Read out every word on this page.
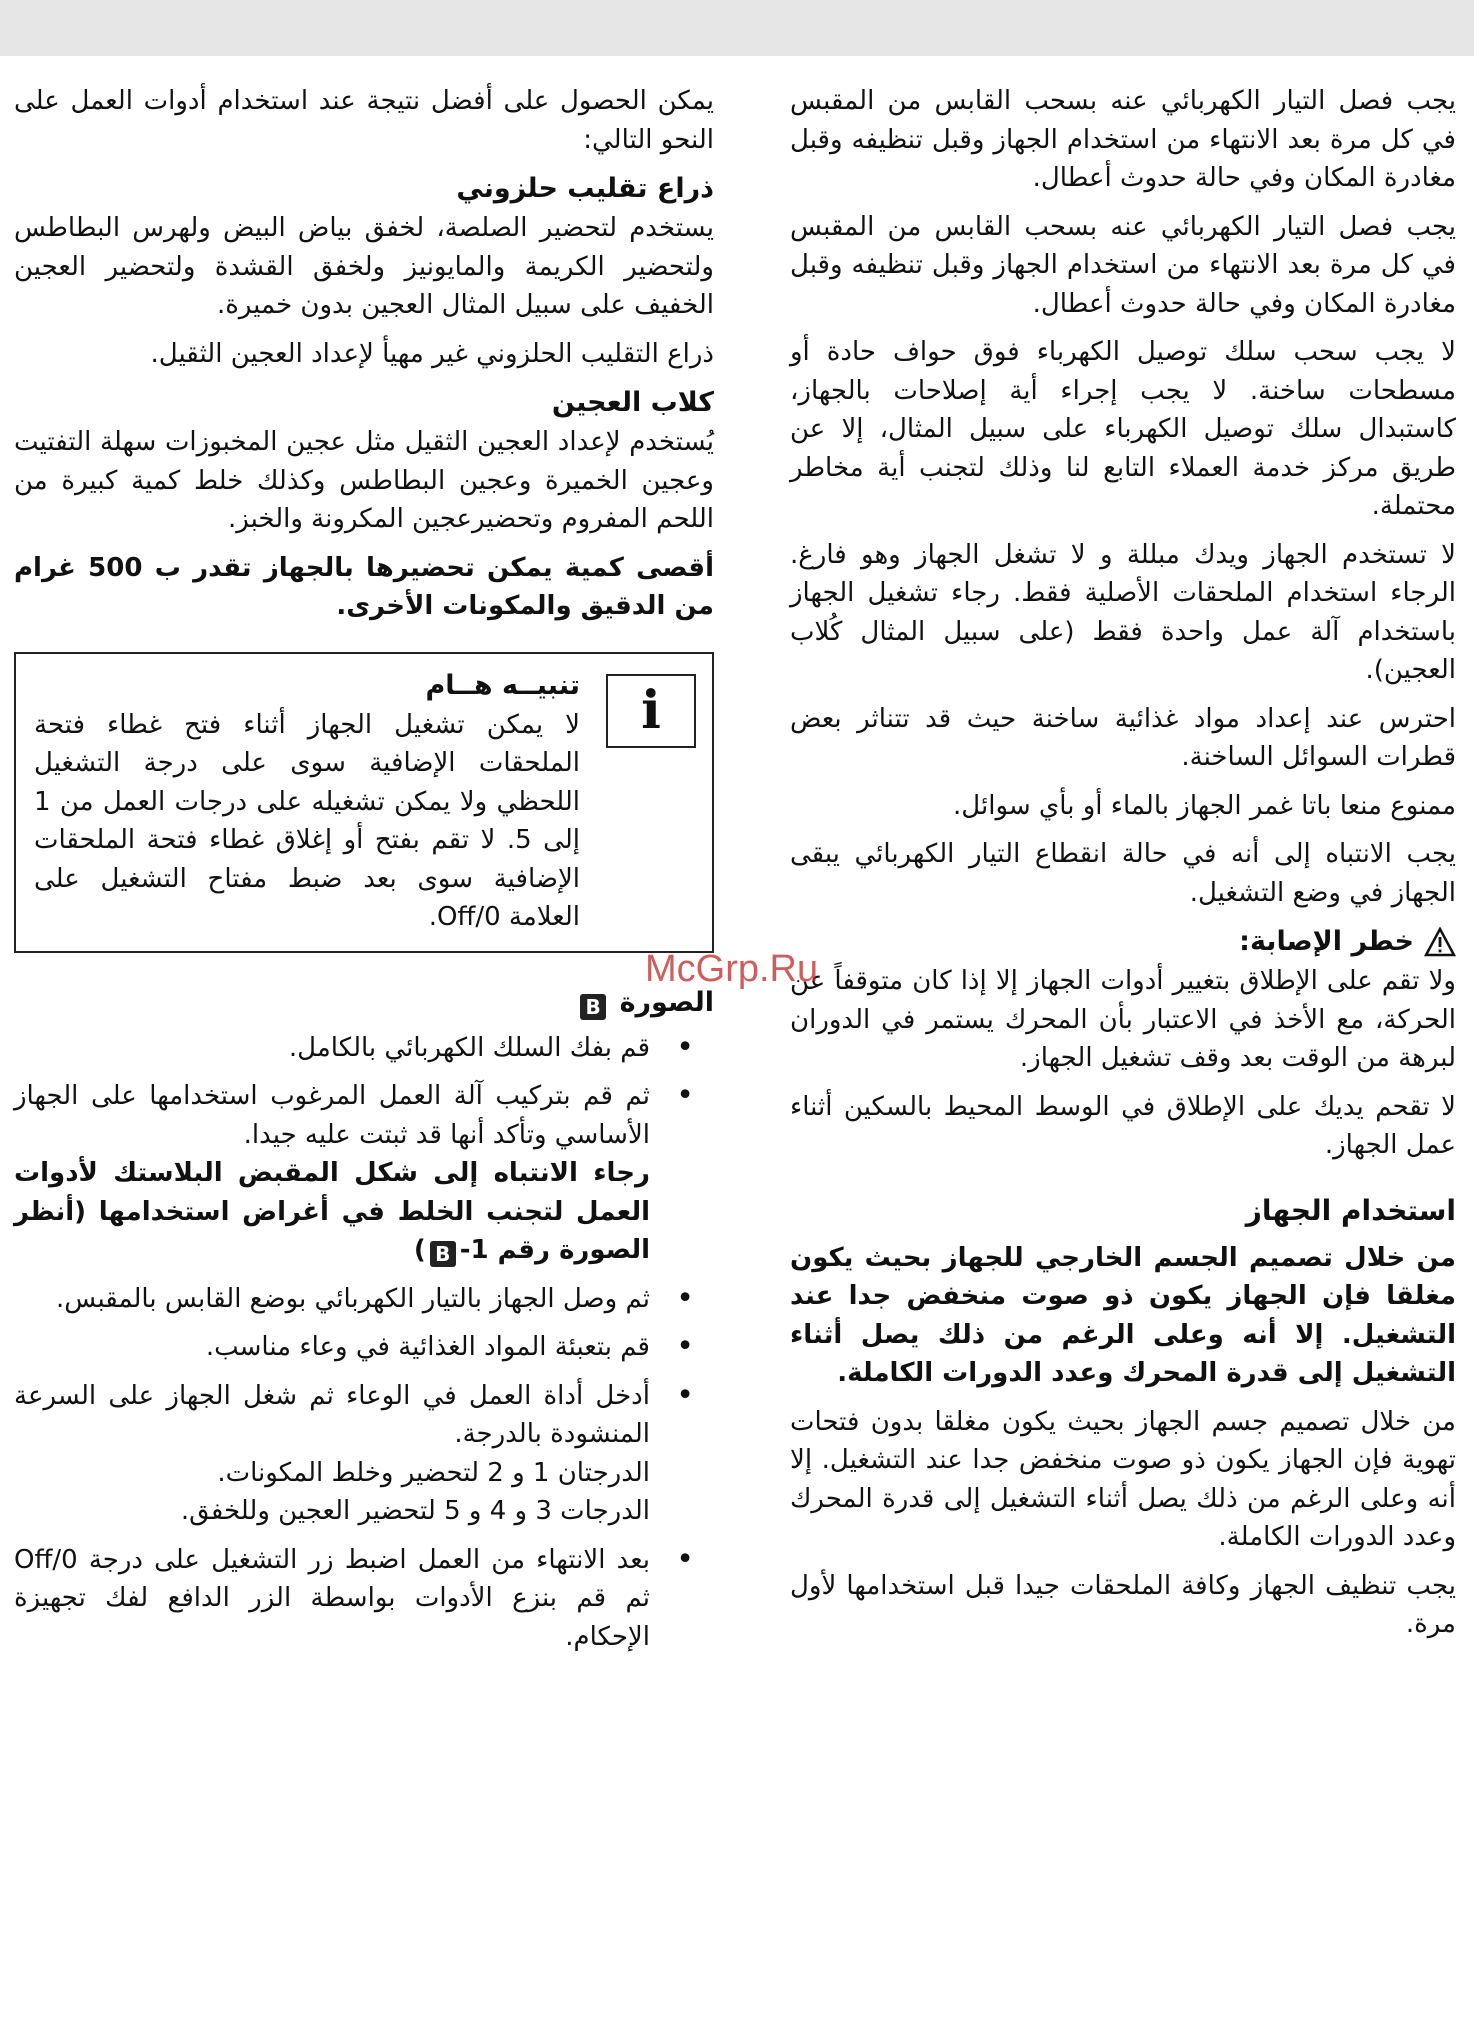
يجب فصل التيار الكهربائي عنه بسحب القابس من المقبس في كل مرة بعد الانتهاء من استخدام الجهاز وقبل تنظيفه وقبل مغادرة المكان وفي حالة حدوث أعطال.

يجب فصل التيار الكهربائي عنه بسحب القابس من المقبس في كل مرة بعد الانتهاء من استخدام الجهاز وقبل تنظيفه وقبل مغادرة المكان وفي حالة حدوث أعطال.

لا يجب سحب سلك توصيل الكهرباء فوق حواف حادة أو مسطحات ساخنة. لا يجب إجراء أية إصلاحات بالجهاز، كاستبدال سلك توصيل الكهرباء على سبيل المثال، إلا عن طريق مركز خدمة العملاء التابع لنا وذلك لتجنب أية مخاطر محتملة.

لا تستخدم الجهاز ويدك مبللة و لا تشغل الجهاز وهو فارغ. الرجاء استخدام الملحقات الأصلية فقط. رجاء تشغيل الجهاز باستخدام آلة عمل واحدة فقط (على سبيل المثال كُلاب العجين).

احترس عند إعداد مواد غذائية ساخنة حيث قد تتناثر بعض قطرات السوائل الساخنة.

ممنوع منعا باتا غمر الجهاز بالماء أو بأي سوائل.

يجب الانتباه إلى أنه في حالة انقطاع التيار الكهربائي يبقى الجهاز في وضع التشغيل.

خطر الإصابة:

ولا تقم على الإطلاق بتغيير أدوات الجهاز إلا إذا كان متوقفاً عن الحركة، مع الأخذ في الاعتبار بأن المحرك يستمر في الدوران لبرهة من الوقت بعد وقف تشغيل الجهاز.

لا تقحم يديك على الإطلاق في الوسط المحيط بالسكين أثناء عمل الجهاز.

استخدام الجهاز

من خلال تصميم الجسم الخارجي للجهاز بحيث يكون مغلقا فإن الجهاز يكون ذو صوت منخفض جدا عند التشغيل. إلا أنه وعلى الرغم من ذلك يصل أثناء التشغيل إلى قدرة المحرك وعدد الدورات الكاملة.

من خلال تصميم جسم الجهاز بحيث يكون مغلقا بدون فتحات تهوية فإن الجهاز يكون ذو صوت منخفض جدا عند التشغيل. إلا أنه وعلى الرغم من ذلك يصل أثناء التشغيل إلى قدرة المحرك وعدد الدورات الكاملة.

يجب تنظيف الجهاز وكافة الملحقات جيدا قبل استخدامها لأول مرة.

يمكن الحصول على أفضل نتيجة عند استخدام أدوات العمل على النحو التالي:

ذراع تقليب حلزوني

يستخدم لتحضير الصلصة، لخفق بياض البيض ولهرس البطاطس ولتحضير الكريمة والمايونيز ولخفق القشدة ولتحضير العجين الخفيف على سبيل المثال العجين بدون خميرة.

ذراع التقليب الحلزوني غير مهيأ لإعداد العجين الثقيل.

كلاب العجين

يُستخدم لإعداد العجين الثقيل مثل عجين المخبوزات سهلة التفتيت وعجين الخميرة وعجين البطاطس وكذلك خلط كمية كبيرة من اللحم المفروم وتحضيرعجين المكرونة والخبز.

أقصى كمية يمكن تحضيرها بالجهاز تقدر ب 500 غرام من الدقيق والمكونات الأخرى.

i

تنبيــه هــام

لا يمكن تشغيل الجهاز أثناء فتح غطاء فتحة الملحقات الإضافية سوى على درجة التشغيل اللحظي ولا يمكن تشغيله على درجات العمل من 1 إلى 5. لا تقم بفتح أو إغلاق غطاء فتحة الملحقات الإضافية سوى بعد ضبط مفتاح التشغيل على العلامة Off/0.

الصورة B

• قم بفك السلك الكهربائي بالكامل.

• ثم قم بتركيب آلة العمل المرغوب استخدامها على الجهاز الأساسي وتأكد أنها قد ثبتت عليه جيدا.

رجاء الانتباه إلى شكل المقبض البلاستك لأدوات العمل لتجنب الخلط في أغراض استخدامها (أنظر الصورة رقم 1-B)

• ثم وصل الجهاز بالتيار الكهربائي بوضع القابس بالمقبس.

• قم بتعبئة المواد الغذائية في وعاء مناسب.

• أدخل أداة العمل في الوعاء ثم شغل الجهاز على السرعة المنشودة بالدرجة.

الدرجتان 1 و 2 لتحضير وخلط المكونات.

الدرجات 3 و 4 و 5 لتحضير العجين وللخفق.

• بعد الانتهاء من العمل اضبط زر التشغيل على درجة Off/0 ثم قم بنزع الأدوات بواسطة الزر الدافع لفك تجهيزة الإحكام.

McGrp.Ru
